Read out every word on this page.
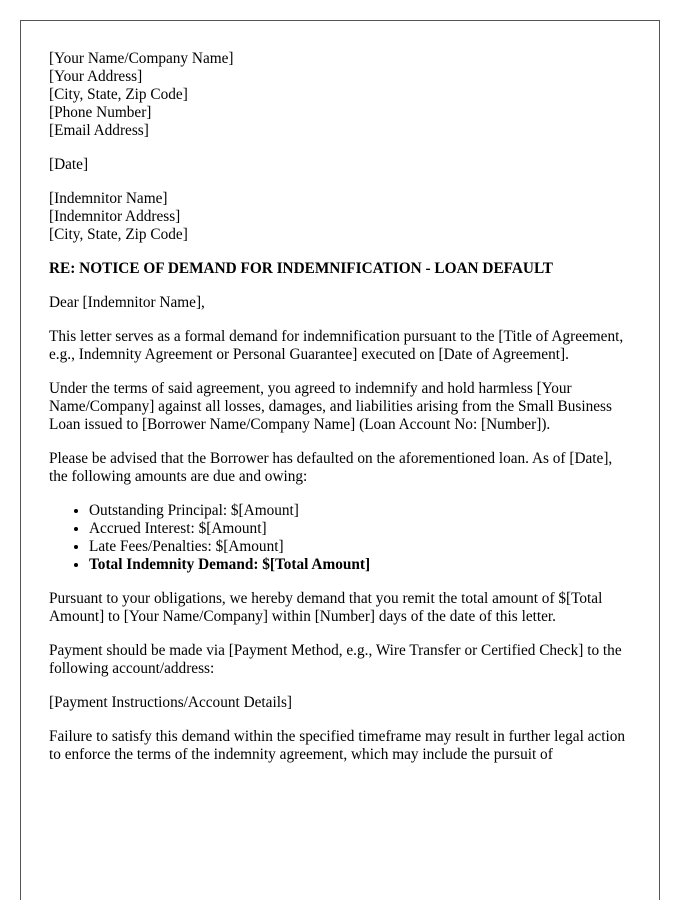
[Your Name/Company Name]
[Your Address]
[City, State, Zip Code]
[Phone Number]
[Email Address]
[Date]
[Indemnitor Name]
[Indemnitor Address]
[City, State, Zip Code]
RE: NOTICE OF DEMAND FOR INDEMNIFICATION - LOAN DEFAULT

Dear [Indemnitor Name],

This letter serves as a formal demand for indemnification pursuant to the [Title of Agreement, e.g., Indemnity Agreement or Personal Guarantee] executed on [Date of Agreement].

Under the terms of said agreement, you agreed to indemnify and hold harmless [Your Name/Company] against all losses, damages, and liabilities arising from the Small Business Loan issued to [Borrower Name/Company Name] (Loan Account No: [Number]).

Please be advised that the Borrower has defaulted on the aforementioned loan. As of [Date], the following amounts are due and owing:

• Outstanding Principal: $[Amount]
• Accrued Interest: $[Amount]
• Late Fees/Penalties: $[Amount]
• Total Indemnity Demand: $[Total Amount]

Pursuant to your obligations, we hereby demand that you remit the total amount of $[Total Amount] to [Your Name/Company] within [Number] days of the date of this letter.

Payment should be made via [Payment Method, e.g., Wire Transfer or Certified Check] to the following account/address:

[Payment Instructions/Account Details]

Failure to satisfy this demand within the specified timeframe may result in further legal action to enforce the terms of the indemnity agreement, which may include the pursuit of
